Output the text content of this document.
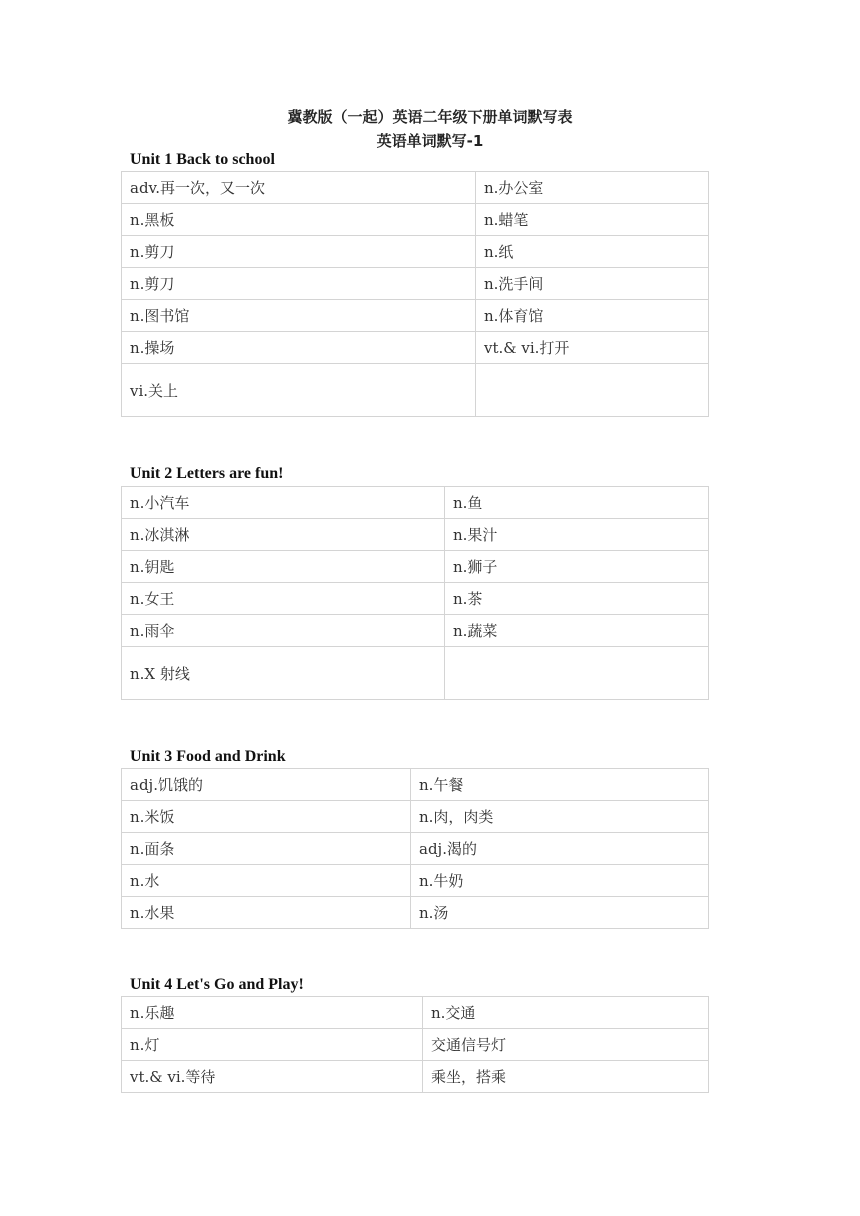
冀教版（一起）英语二年级下册单词默写表
英语单词默写-1
Unit 1 Back to school
adv.再一次，又一次	n.办公室
n.黑板	n.蜡笔
n.剪刀	n.纸
n.剪刀	n.洗手间
n.图书馆	n.体育馆
n.操场	vt.& vi.打开
vi.关上	
Unit 2 Letters are fun!
n.小汽车	n.鱼
n.冰淇淋	n.果汁
n.钥匙	n.狮子
n.女王	n.茶
n.雨伞	n.蔬菜
n.X 射线	
Unit 3 Food and Drink
adj.饥饿的	n.午餐
n.米饭	n.肉，肉类
n.面条	adj.渴的
n.水	n.牛奶
n.水果	n.汤
Unit 4 Let's Go and Play!
n.乐趣	n.交通
n.灯	交通信号灯
vt.& vi.等待	乘坐，搭乘
